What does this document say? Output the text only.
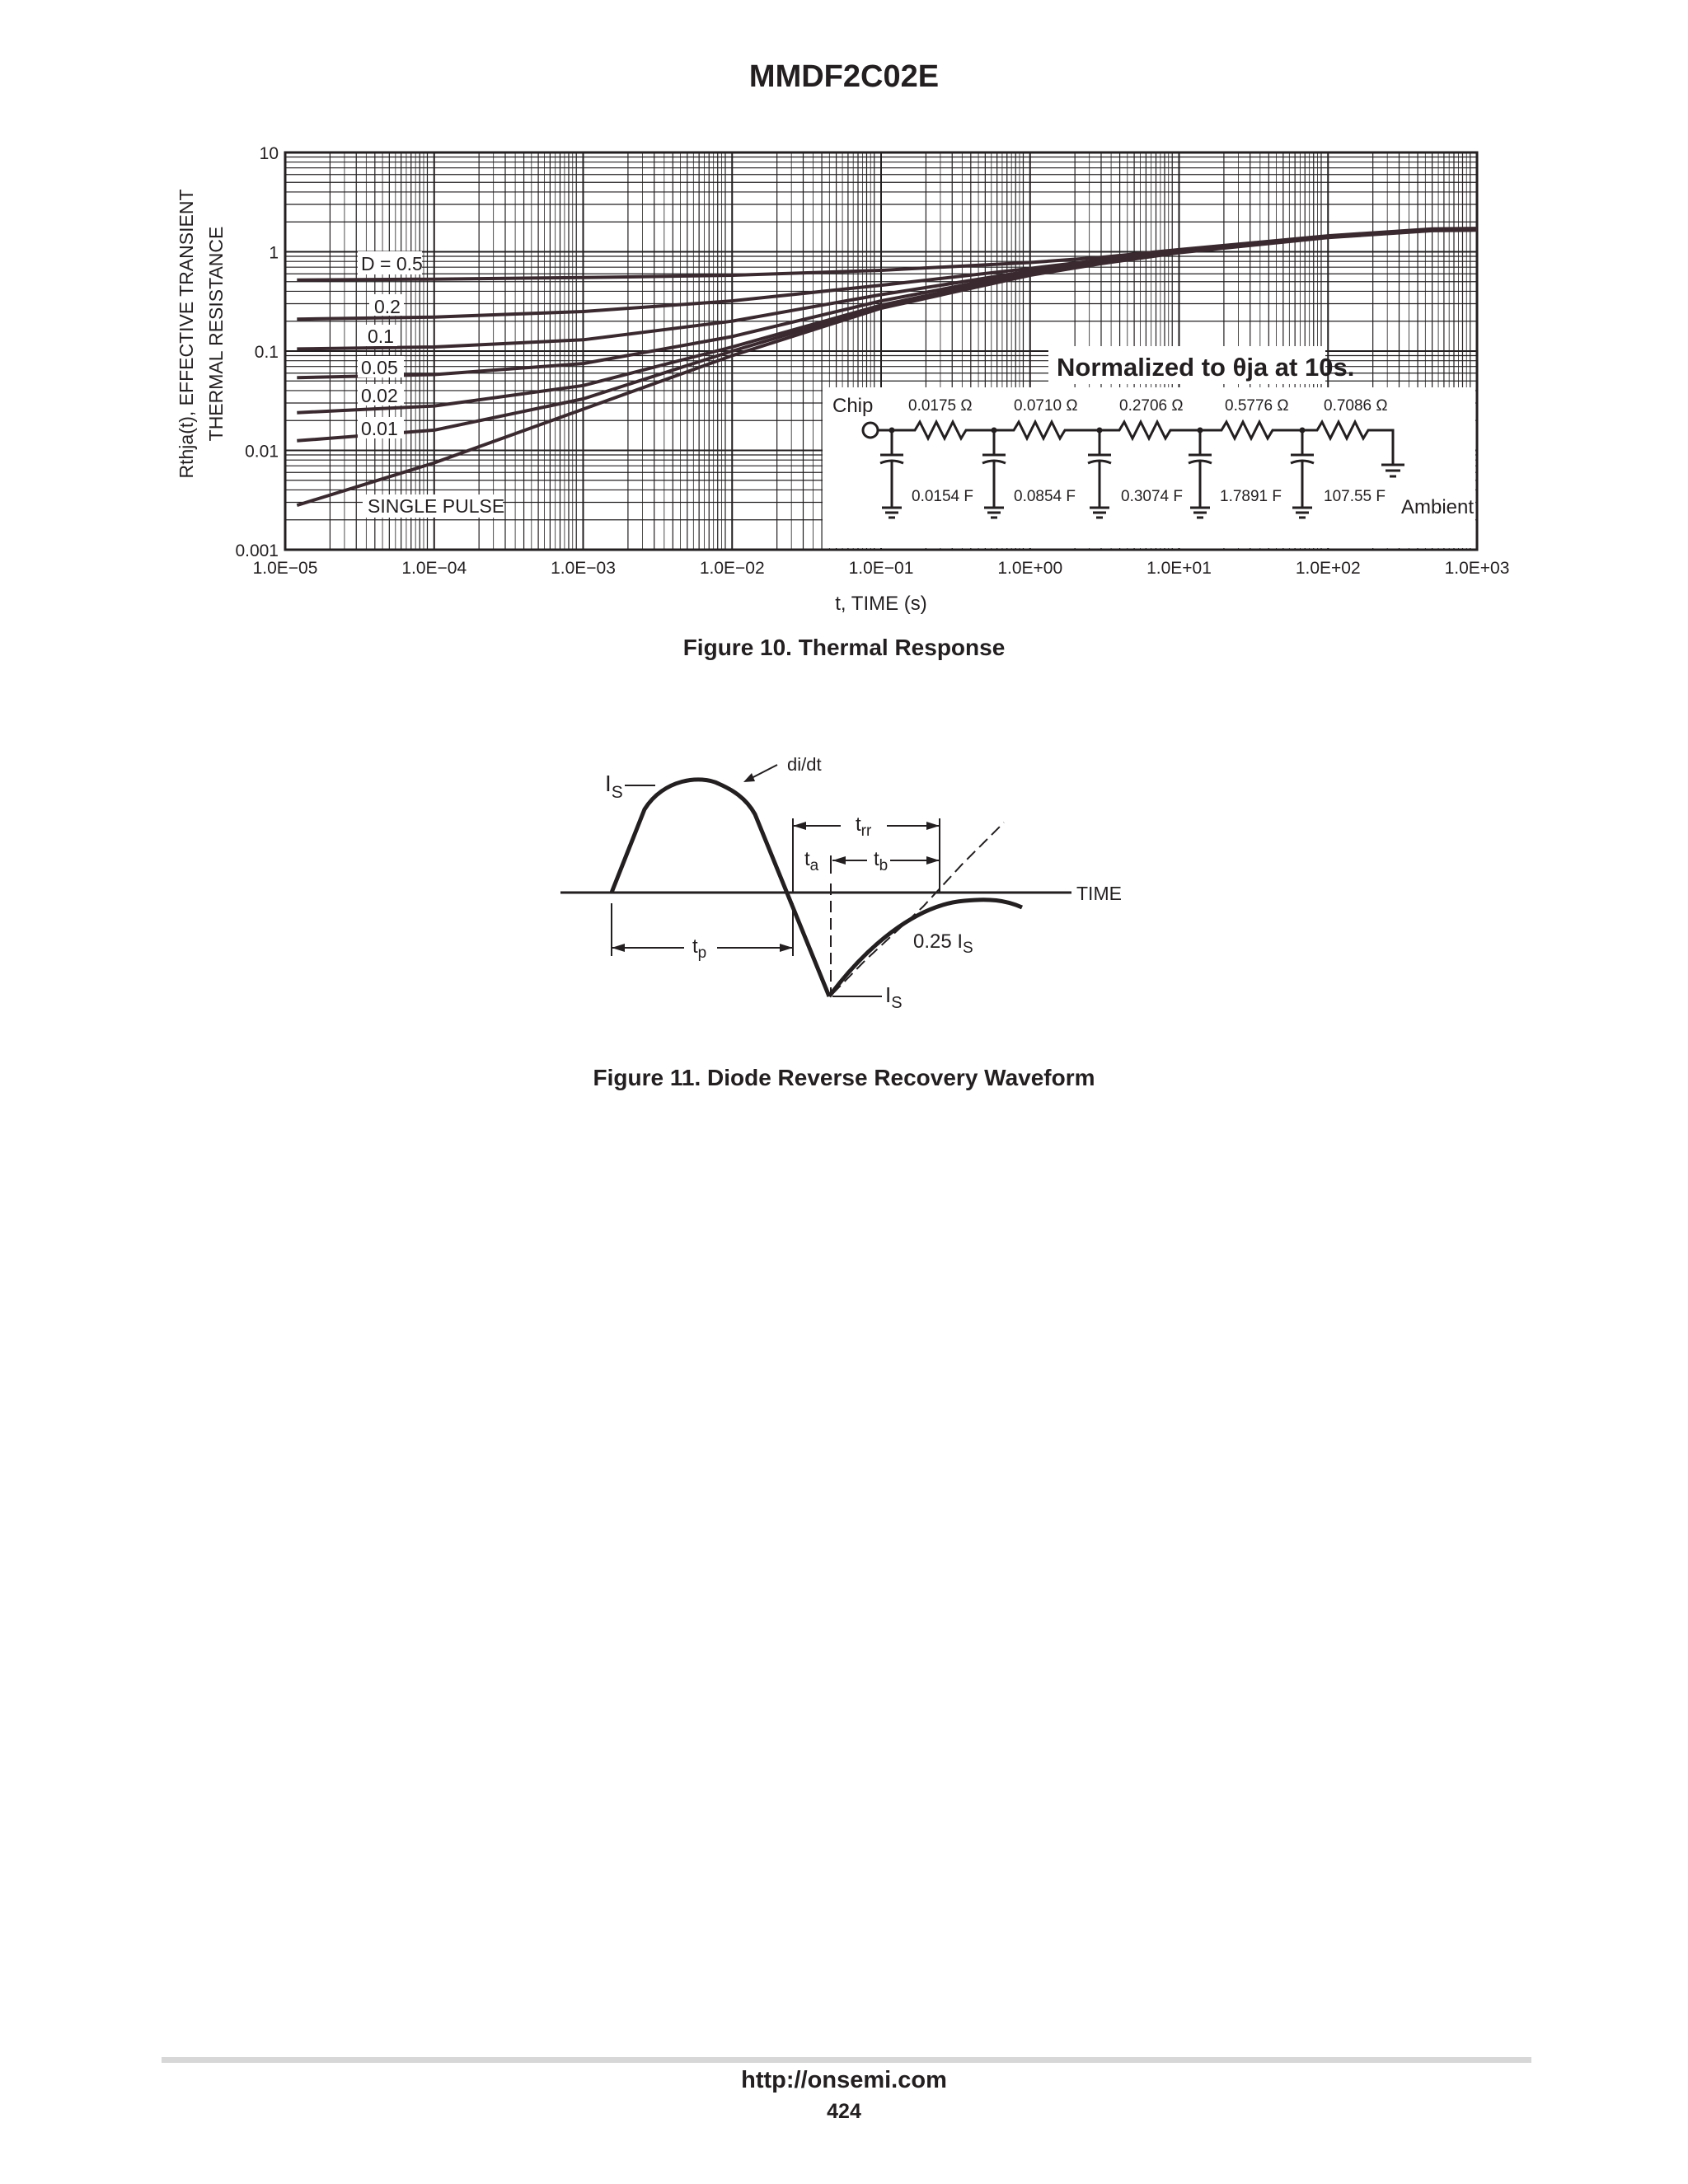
MMDF2C02E
0.001
0.01
0.1
1
10
1.0E−05	1.0E−04	1.0E−03	1.0E−02	1.0E−01	1.0E+00	1.0E+01	1.0E+02	1.0E+03
D = 0.5
0.2
0.1
0.05
0.02
0.01
SINGLE PULSE
Normalized to θja at 10s.
Chip
Ambient
0.0175 Ω	0.0710 Ω	0.2706 Ω	0.5776 Ω 0.7086 Ω
0.0154 F	0.0854 F	0.3074 F 1.7891 F	107.55 F
t, TIME (s)
Rthja(t), EFFECTIVE TRANSIENT THERMAL RESISTANCE
Figure 10. Thermal Response
$I_S$
di/dt
$t_{rr}$
$t_a$	$t_b$
TIME
$t_p$
0.25 $I_S$
$I_S$
Figure 11. Diode Reverse Recovery Waveform
http://onsemi.com
424
